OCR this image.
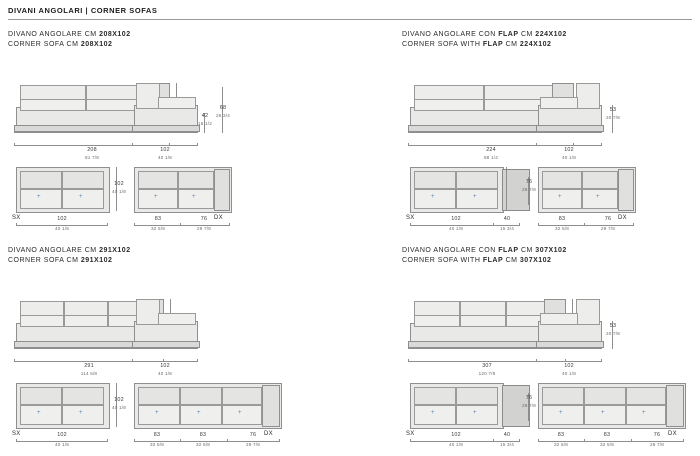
DIVANI ANGOLARI | CORNER SOFAS
DIVANO ANGOLARE CM 208X102
CORNER SOFA CM 208X102
208
81 7/8
102
40 1/8
42
16 1/2
68
26 3/4
+	+
102
40 1/8
SX	102
40 1/8
+	+
DX
83
32 5/8
76
29 7/8
DIVANO ANGOLARE CON FLAP CM 224X102
CORNER SOFA WITH FLAP CM 224X102
224
88 1/4
102
40 1/8
53
20 7/8
+	+
102
40 1/8
SX	40
15 3/4
76
29 7/8
+	+
DX
83
32 5/8
76
29 7/8
DIVANO ANGOLARE CM 291X102
CORNER SOFA CM 291X102
291
114 5/8
102
40 1/8
+	+
102
40 1/8
SX	102
40 1/8
+	+	+
DX
83
32 5/8
83
32 5/8
76
29 7/8
DIVANO ANGOLARE CON FLAP CM 307X102
CORNER SOFA WITH FLAP CM 307X102
307
120 7/8
102
40 1/8
53
20 7/8
+	+
SX	102
40 1/8
40
15 3/4
76
29 7/8
+	+	+
DX
83
32 5/8
83
32 5/8
76
29 7/8
